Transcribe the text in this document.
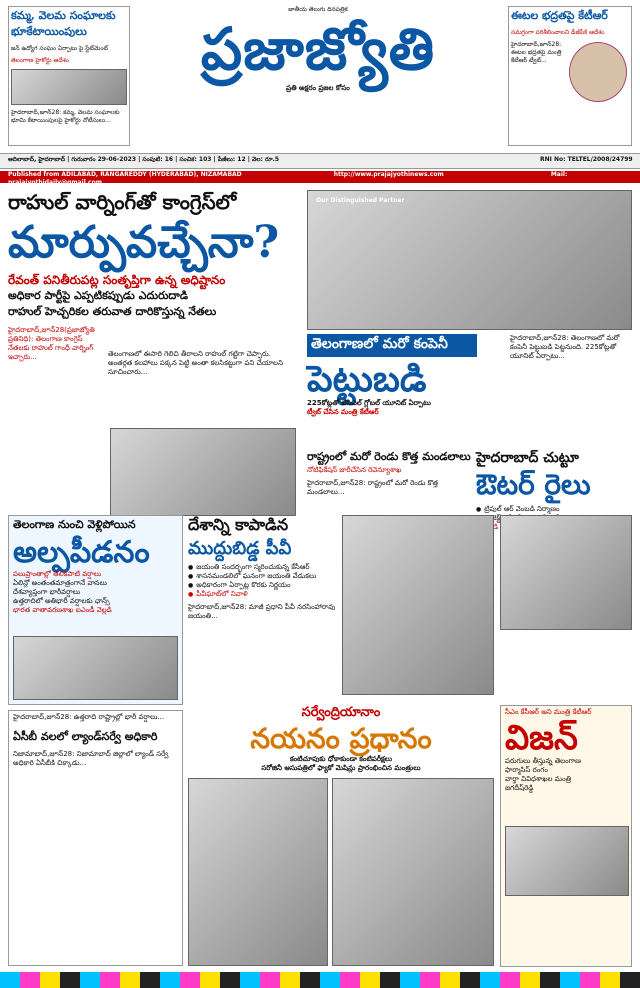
కమ్మ, వెలమ సంఘాలకు భూకేటాయింపులు
జన్‌ ఉద్యోగ సంఘం ఏర్పాటు పై స్టేట్‌మెంట్
తెలంగాణ హైకోర్టు ఆదేశం
హైదరాబాద్,జూన్28: కమ్మ, వెలమ సంఘాలకు భూమి కేటాయింపులపై హైకోర్టు నోటీసులు...
జాతీయ తెలుగు దినపత్రిక
ప్రజాజ్యోతి
ప్రతి అక్షరం ప్రజల కోసం
ఈటల భద్రతపై కేటీఆర్
సమగ్రంగా పరిశీలించాలని డీజీపీకి ఆదేశం
హైదరాబాద్,జూన్28: ఈటల భద్రతపై మంత్రి కేటీఆర్ ట్వీట్...
ఆదిలాబాద్, హైదరాబాద్ | గురువారం 29-06-2023 | సంపుటి: 16 | సంచిక: 103 | పేజీలు: 12 | వెల: రూ.5	RNI No: TELTEL/2008/24799
Published from ADILABAD, RANGAREDDY (HYDERABAD), NIZAMABAD	http://www.prajajyothinews.com	Mail: prajajyothidaily@gmail.com
రాహుల్ వార్నింగ్‌తో కాంగ్రెస్‌లో
మార్పువచ్చేనా?
రేవంత్ పనితీరుపట్ల సంతృప్తిగా ఉన్న అధిష్టానం
అధికార పార్టీపై ఎప్పటికప్పుడు ఎదురుదాడి
రాహుల్ హెచ్చరికల తరువాత దారికొస్తున్న నేతలు
హైదరాబాద్,జూన్28(ప్రజాజ్యోతి ప్రతినిధి): తెలంగాణ కాంగ్రెస్ నేతలకు రాహుల్ గాంధీ వార్నింగ్ ఇచ్చారు...	తెలంగాణలో ఈసారి గెలిచి తీరాలని రాహుల్ గట్టిగా చెప్పారు. అంతర్గత కలహాలు పక్కన పెట్టి అంతా కలసికట్టుగా పని చేయాలని సూచించారు...
Our Distinguished Partner
తెలంగాణలో మరో కంపెనీ
పెట్టుబడి
225కోట్లతో టిసిఎల్ గ్లోబల్ యూనిట్ ఏర్పాటు
ట్వీట్ చేసిన మంత్రి కేటీఆర్
హైదరాబాద్,జూన్28: తెలంగాణలో మరో కంపెనీ పెట్టుబడి పెట్టనుంది. 225కోట్లతో యూనిట్ ఏర్పాటు...
రాష్ట్రంలో మరో రెండు కొత్త మండలాలు
నోటిఫికేషన్ జారీచేసిన రెవెన్యూశాఖ
హైదరాబాద్,జూన్28: రాష్ట్రంలో మరో రెండు కొత్త మండలాలు...
హైదరాబాద్ చుట్టూ
ఔటర్ రైలు
● ట్రిపుల్ ఆర్ వెంబడి నిర్మాణం
●
●
తెలంగాణ నుంచి వెళ్లిపోయిన
అల్పపీడనం
పలుప్రాంతాల్లో తేలికపాటి వర్షాలు
ఏలిన్లో అంతంతమాత్రంగానే వానలు
దేశవ్యాప్తంగా భారీవర్షాలు
ఉత్తరాదిలో అతిభారీ వర్షాలకు ఛాన్స్
భారత వాతావరణశాఖ ఐఎండీ వెల్లడి
దేశాన్ని కాపాడిన
ముద్దుబిడ్డ పీవీ
● జయంతి సందర్భంగా స్మరించుకున్న కేసీఆర్
● శాసనమండలిలో ఘనంగా జయంతి వేడుకలు
● అధికారంగా ఏర్పాట్ల కొరకు నిర్ణయం
● పీవీఘాట్‌లో నివాళి
హైదరాబాద్,జూన్28: మాజీ ప్రధాని పీవీ నరసింహారావు జయంతి...
సర్వేంద్రియానాం
నయనం ప్రధానం
కంటిచూపుకు ధోకాకుండా కంటిపరీక్షలు
సరోజినీ ఆసుపత్రిలో ఫ్యాకో మెషిన్లు ప్రారంభించిన మంత్రులు
సీఎం కేసీఆర్ అని మంత్రి కేటీఆర్
విజన్
పరుగులు తీస్తున్న తెలంగాణ
ఫార్మాసిస్ రంగం
వార్తా వివిధశాఖల మంత్రి
జగదీష్‌రెడ్డి
హైదరాబాద్,జూన్28: ఉత్తరాది రాష్ట్రాల్లో భారీ వర్షాలు...
ఏసీబీ వలలో ల్యాండ్‌సర్వే అధికారి
నిజామాబాద్,జూన్28: నిజామాబాద్ జిల్లాలో ల్యాండ్ సర్వే అధికారి ఏసీబీకి చిక్కాడు...
